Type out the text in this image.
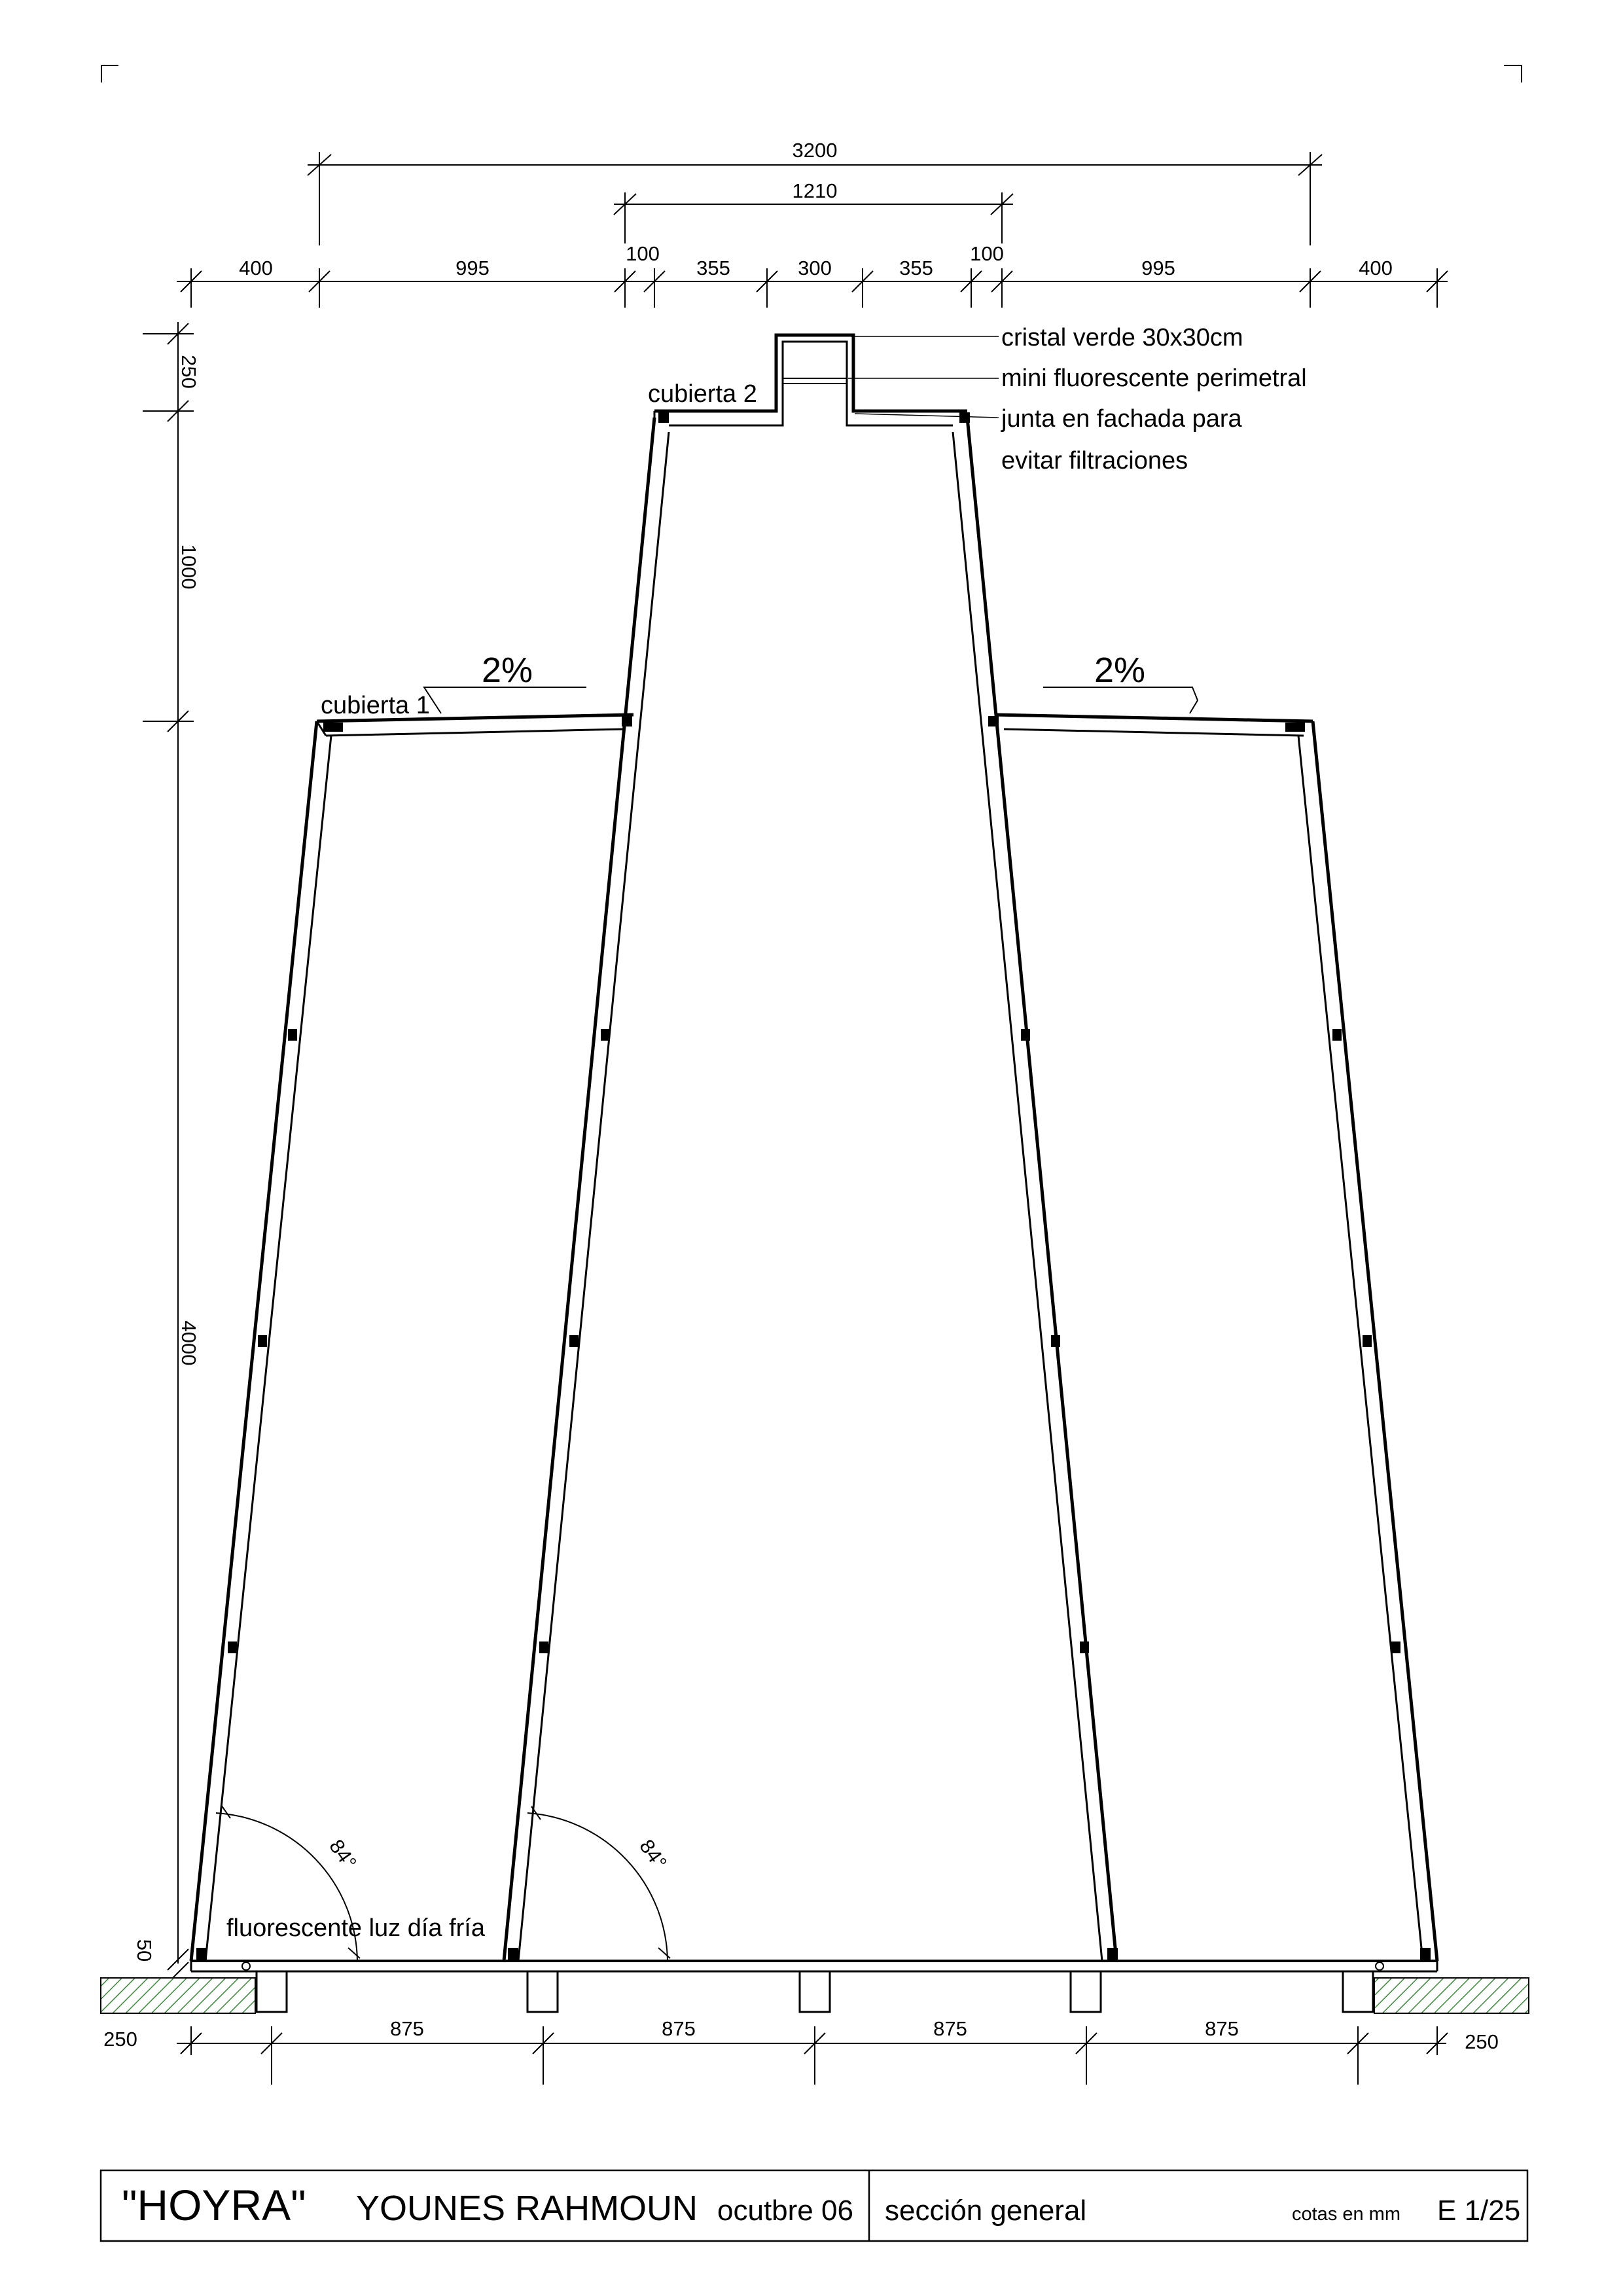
3200
1210
400	995
100
355	300	355
100
995	400
250
1000
4000
50
875	875	875	875
250	250
cristal verde 30x30cm
mini fluorescente perimetral
junta en fachada para
evitar filtraciones
cubierta 2
cubierta 1
2%	2%
84°	84°
fluorescente luz día fría
"HOYRA" YOUNES RAHMOUN ocutbre 06 sección general	cotas en mm E 1/25
